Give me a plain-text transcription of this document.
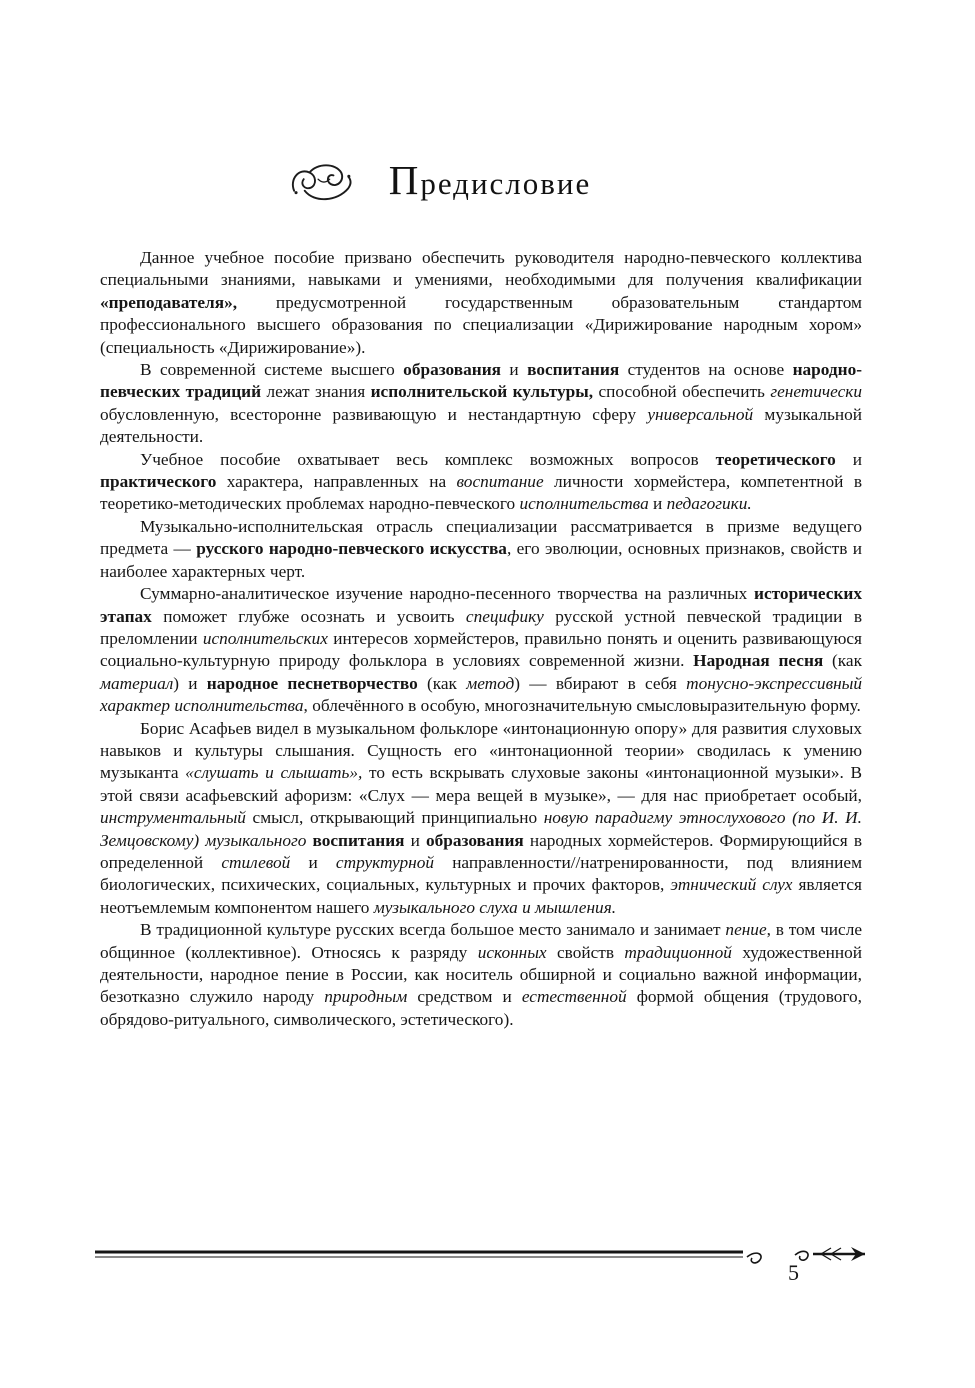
Предисловие

Данное учебное пособие призвано обеспечить руководителя народно-певческого коллектива специальными знаниями, навыками и умениями, необходимыми для получения квалификации «преподавателя», предусмотренной государственным образовательным стандартом профессионального высшего образования по специализации «Дирижирование народным хором» (специальность «Дирижирование»).

В современной системе высшего образования и воспитания студентов на основе народно-певческих традиций лежат знания исполнительской культуры, способной обеспечить генетически обусловленную, всесторонне развивающую и нестандартную сферу универсальной музыкальной деятельности.

Учебное пособие охватывает весь комплекс возможных вопросов теоретического и практического характера, направленных на воспитание личности хормейстера, компетентной в теоретико-методических проблемах народно-певческого исполнительства и педагогики.

Музыкально-исполнительская отрасль специализации рассматривается в призме ведущего предмета — русского народно-певческого искусства, его эволюции, основных признаков, свойств и наиболее характерных черт.

Суммарно-аналитическое изучение народно-песенного творчества на различных исторических этапах поможет глубже осознать и усвоить специфику русской устной певческой традиции в преломлении исполнительских интересов хормейстеров, правильно понять и оценить развивающуюся социально-культурную природу фольклора в условиях современной жизни. Народная песня (как материал) и народное песнетворчество (как метод) — вбирают в себя тонусно-экспрессивный характер исполнительства, облечённого в особую, многозначительную смысловыразительную форму.

Борис Асафьев видел в музыкальном фольклоре «интонационную опору» для развития слуховых навыков и культуры слышания. Сущность его «интонационной теории» сводилась к умению музыканта «слушать и слышать», то есть вскрывать слуховые законы «интонационной музыки». В этой связи асафьевский афоризм: «Слух — мера вещей в музыке», — для нас приобретает особый, инструментальный смысл, открывающий принципиально новую парадигму этнослухового (по И. И. Земцовскому) музыкального воспитания и образования народных хормейстеров. Формирующийся в определенной стилевой и структурной направленности//натренированности, под влиянием биологических, психических, социальных, культурных и прочих факторов, этнический слух является неотъемлемым компонентом нашего музыкального слуха и мышления.

В традиционной культуре русских всегда большое место занимало и занимает пение, в том числе общинное (коллективное). Относясь к разряду исконных свойств традиционной художественной деятельности, народное пение в России, как носитель обширной и социально важной информации, безотказно служило народу природным средством и естественной формой общения (трудового, обрядово-ритуального, символического, эстетического).

5
